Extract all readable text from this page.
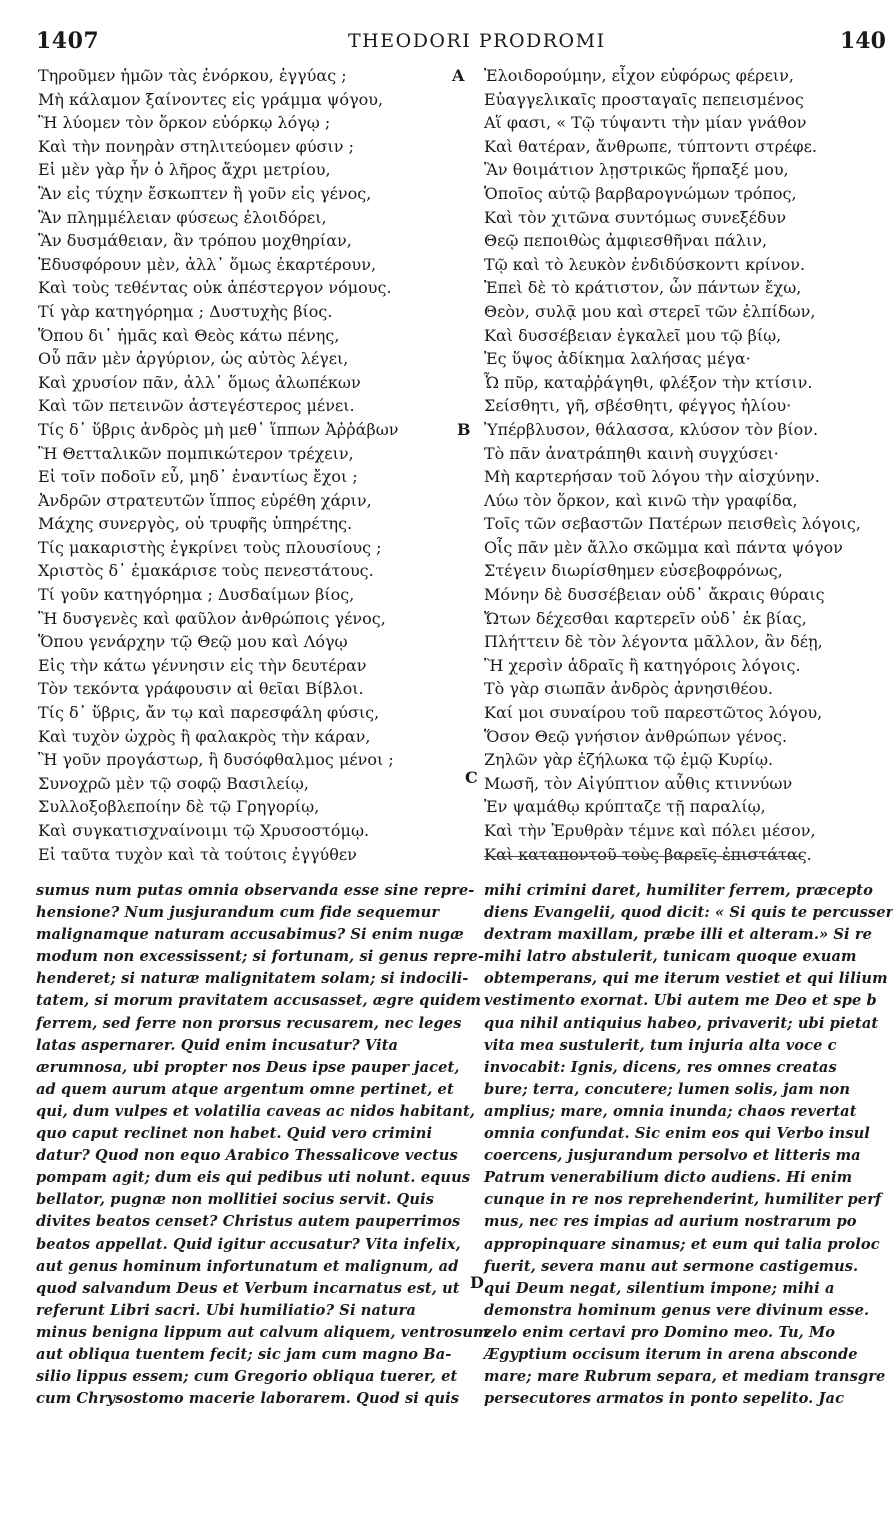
1407	THEODORI PRODROMI	140
A
B
C
D
Τηροῦμεν ἡμῶν τὰς ἐνόρκου, ἐγγύας ;
Μὴ κάλαμον ξαίνοντες εἰς γράμμα ψόγου,
Ἢ λύομεν τὸν ὅρκον εὐόρκῳ λόγῳ ;
Καὶ τὴν πονηρὰν στηλιτεύομεν φύσιν ;
Εἰ μὲν γὰρ ἦν ὁ λῆρος ἄχρι μετρίου,
Ἂν εἰς τύχην ἔσκωπτεν ἢ γοῦν εἰς γένος,
Ἂν πλημμέλειαν φύσεως ἐλοιδόρει,
Ἂν δυσμάθειαν, ἂν τρόπου μοχθηρίαν,
Ἐδυσφόρουν μὲν, ἀλλ᾿ ὅμως ἐκαρτέρουν,
Καὶ τοὺς τεθέντας οὐκ ἀπέστεργον νόμους.
Τί γὰρ κατηγόρημα ; Δυστυχὴς βίος.
Ὅπου δι᾿ ἡμᾶς καὶ Θεὸς κάτω πένης,
Οὗ πᾶν μὲν ἀργύριον, ὡς αὐτὸς λέγει,
Καὶ χρυσίον πᾶν, ἀλλ᾿ ὅμως ἀλωπέκων
Καὶ τῶν πετεινῶν ἀστεγέστερος μένει.
Τίς δ᾿ ὕβρις ἀνδρὸς μὴ μεθ᾿ ἵππων Ἀῤῥάβων
Ἢ Θετταλικῶν πομπικώτερον τρέχειν,
Εἰ τοῖν ποδοῖν εὖ, μηδ᾿ ἐναντίως ἔχοι ;
Ἀνδρῶν στρατευτῶν ἵππος εὑρέθη χάριν,
Μάχης συνεργὸς, οὐ τρυφῆς ὑπηρέτης.
Τίς μακαριστὴς ἐγκρίνει τοὺς πλουσίους ;
Χριστὸς δ᾿ ἐμακάρισε τοὺς πενεστάτους.
Τί γοῦν κατηγόρημα ; Δυσδαίμων βίος,
Ἢ δυσγενὲς καὶ φαῦλον ἀνθρώποις γένος,
Ὅπου γενάρχην τῷ Θεῷ μου καὶ Λόγῳ
Εἰς τὴν κάτω γέννησιν εἰς τὴν δευτέραν
Τὸν τεκόντα γράφουσιν αἱ θεῖαι Βίβλοι.
Τίς δ᾿ ὕβρις, ἄν τῳ καὶ παρεσφάλη φύσις,
Καὶ τυχὸν ὠχρὸς ἢ φαλακρὸς τὴν κάραν,
Ἢ γοῦν προγάστωρ, ἢ δυσόφθαλμος μένοι ;
Συνοχρῶ μὲν τῷ σοφῷ Βασιλείῳ,
Συλλοξοβλεποίην δὲ τῷ Γρηγορίῳ,
Καὶ συγκατισχναίνοιμι τῷ Χρυσοστόμῳ.
Εἰ ταῦτα τυχὸν καὶ τὰ τούτοις ἐγγύθεν
Ἐλοιδορούμην, εἶχον εὐφόρως φέρειν,
Εὐαγγελικαῖς προσταγαῖς πεπεισμένος
Αἵ φασι, « Τῷ τύψαντι τὴν μίαν γνάθον
Καὶ θατέραν, ἄνθρωπε, τύπτοντι στρέφε.
Ἂν θοιμάτιον λῃστρικῶς ἥρπαξέ μου,
Ὁποῖος αὐτῷ βαρβαρογνώμων τρόπος,
Καὶ τὸν χιτῶνα συντόμως συνεξέδυν
Θεῷ πεποιθὼς ἀμφιεσθῆναι πάλιν,
Τῷ καὶ τὸ λευκὸν ἐνδιδύσκοντι κρίνον.
Ἐπεὶ δὲ τὸ κράτιστον, ὧν πάντων ἔχω,
Θεὸν, συλᾷ μου καὶ στερεῖ τῶν ἐλπίδων,
Καὶ δυσσέβειαν ἐγκαλεῖ μου τῷ βίῳ,
Ἐς ὕψος ἀδίκημα λαλήσας μέγα·
Ὦ πῦρ, καταῤῥάγηθι, φλέξον τὴν κτίσιν.
Σείσθητι, γῆ, σβέσθητι, φέγγος ἡλίου·
Ὑπέρβλυσον, θάλασσα, κλύσον τὸν βίον.
Τὸ πᾶν ἀνατράπηθι καινὴ συγχύσει·
Μὴ καρτερήσαν τοῦ λόγου τὴν αἰσχύνην.
Λύω τὸν ὅρκον, καὶ κινῶ τὴν γραφίδα,
Τοῖς τῶν σεβαστῶν Πατέρων πεισθεὶς λόγοις,
Οἷς πᾶν μὲν ἄλλο σκῶμμα καὶ πάντα ψόγον
Στέγειν διωρίσθημεν εὐσεβοφρόνως,
Μόνην δὲ δυσσέβειαν οὐδ᾿ ἄκραις θύραις
Ὤτων δέχεσθαι καρτερεῖν οὐδ᾿ ἐκ βίας,
Πλήττειν δὲ τὸν λέγοντα μᾶλλον, ἂν δέῃ,
Ἢ χερσὶν ἁδραῖς ἢ κατηγόροις λόγοις.
Τὸ γὰρ σιωπᾶν ἀνδρὸς ἀρνησιθέου.
Καί μοι συναίρου τοῦ παρεστῶτος λόγου,
Ὅσον Θεῷ γνήσιον ἀνθρώπων γένος.
Ζηλῶν γὰρ ἐζήλωκα τῷ ἐμῷ Κυρίῳ.
Μωσῆ, τὸν Αἰγύπτιον αὖθις κτιννύων
Ἐν ψαμάθῳ κρύπταζε τῇ παραλίῳ,
Καὶ τὴν Ἐρυθρὰν τέμνε καὶ πόλει μέσον,
Καὶ καταποντοῦ τοὺς βαρεῖς ἐπιστάτας.
sumus num putas omnia observanda esse sine repre-
hensione? Num jusjurandum cum fide sequemur
malignamque naturam accusabimus? Si enim nugæ
modum non excessissent; si fortunam, si genus repre-
henderet; si naturæ malignitatem solam; si indocili-
tatem, si morum pravitatem accusasset, ægre quidem
ferrem, sed ferre non prorsus recusarem, nec leges
latas aspernarer. Quid enim incusatur? Vita
ærumnosa, ubi propter nos Deus ipse pauper jacet,
ad quem aurum atque argentum omne pertinet, et
qui, dum vulpes et volatilia caveas ac nidos habitant,
quo caput reclinet non habet. Quid vero crimini
datur? Quod non equo Arabico Thessalicove vectus
pompam agit; dum eis qui pedibus uti nolunt. equus
bellator, pugnæ non mollitiei socius servit. Quis
divites beatos censet? Christus autem pauperrimos
beatos appellat. Quid igitur accusatur? Vita infelix,
aut genus hominum infortunatum et malignum, ad
quod salvandum Deus et Verbum incarnatus est, ut
referunt Libri sacri. Ubi humiliatio? Si natura
minus benigna lippum aut calvum aliquem, ventrosum
aut obliqua tuentem fecit; sic jam cum magno Ba-
silio lippus essem; cum Gregorio obliqua tuerer, et
cum Chrysostomo macerie laborarem. Quod si quis
mihi crimini daret, humiliter ferrem, præcepto
diens Evangelii, quod dicit: « Si quis te percusser
dextram maxillam, præbe illi et alteram.» Si re
mihi latro abstulerit, tunicam quoque exuam
obtemperans, qui me iterum vestiet et qui lilium
vestimento exornat. Ubi autem me Deo et spe b
qua nihil antiquius habeo, privaverit; ubi pietat
vita mea sustulerit, tum injuria alta voce c
invocabit: Ignis, dicens, res omnes creatas
bure; terra, concutere; lumen solis, jam non
amplius; mare, omnia inunda; chaos revertat
omnia confundat. Sic enim eos qui Verbo insul
coercens, jusjurandum persolvo et litteris ma
Patrum venerabilium dicto audiens. Hi enim
cunque in re nos reprehenderint, humiliter perf
mus, nec res impias ad aurium nostrarum po
appropinquare sinamus; et eum qui talia proloc
fuerit, severa manu aut sermone castigemus.
qui Deum negat, silentium impone; mihi a
demonstra hominum genus vere divinum esse.
zelo enim certavi pro Domino meo. Tu, Mo
Ægyptium occisum iterum in arena absconde
mare; mare Rubrum separa, et mediam transgre
persecutores armatos in ponto sepelito. Jac
